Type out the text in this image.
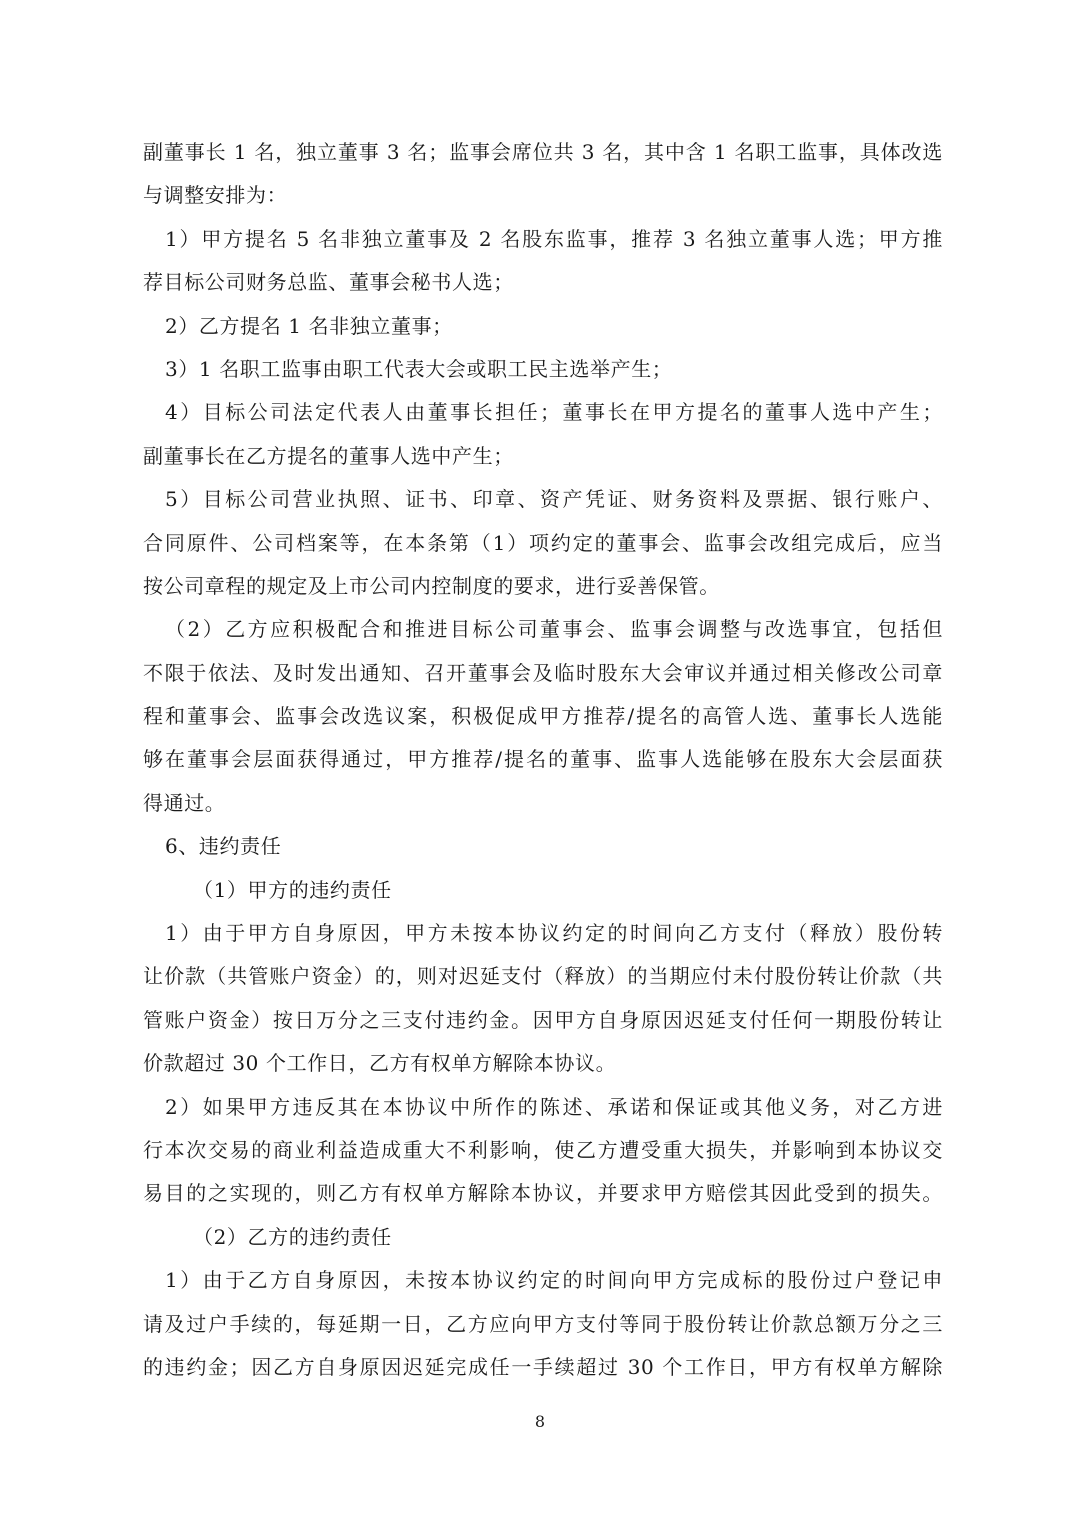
副董事长 1 名，独立董事 3 名；监事会席位共 3 名，其中含 1 名职工监事，具体改选
与调整安排为：
1）甲方提名 5 名非独立董事及 2 名股东监事，推荐 3 名独立董事人选；甲方推
荐目标公司财务总监、董事会秘书人选；
2）乙方提名 1 名非独立董事；
3）1 名职工监事由职工代表大会或职工民主选举产生；
4）目标公司法定代表人由董事长担任；董事长在甲方提名的董事人选中产生；
副董事长在乙方提名的董事人选中产生；
5）目标公司营业执照、证书、印章、资产凭证、财务资料及票据、银行账户、
合同原件、公司档案等，在本条第（1）项约定的董事会、监事会改组完成后，应当
按公司章程的规定及上市公司内控制度的要求，进行妥善保管。
（2）乙方应积极配合和推进目标公司董事会、监事会调整与改选事宜，包括但
不限于依法、及时发出通知、召开董事会及临时股东大会审议并通过相关修改公司章
程和董事会、监事会改选议案，积极促成甲方推荐/提名的高管人选、董事长人选能
够在董事会层面获得通过，甲方推荐/提名的董事、监事人选能够在股东大会层面获
得通过。
6、违约责任
（1）甲方的违约责任
1）由于甲方自身原因，甲方未按本协议约定的时间向乙方支付（释放）股份转
让价款（共管账户资金）的，则对迟延支付（释放）的当期应付未付股份转让价款（共
管账户资金）按日万分之三支付违约金。因甲方自身原因迟延支付任何一期股份转让
价款超过 30 个工作日，乙方有权单方解除本协议。
2）如果甲方违反其在本协议中所作的陈述、承诺和保证或其他义务，对乙方进
行本次交易的商业利益造成重大不利影响，使乙方遭受重大损失，并影响到本协议交
易目的之实现的，则乙方有权单方解除本协议，并要求甲方赔偿其因此受到的损失。
（2）乙方的违约责任
1）由于乙方自身原因，未按本协议约定的时间向甲方完成标的股份过户登记申
请及过户手续的，每延期一日，乙方应向甲方支付等同于股份转让价款总额万分之三
的违约金；因乙方自身原因迟延完成任一手续超过 30 个工作日，甲方有权单方解除
8
